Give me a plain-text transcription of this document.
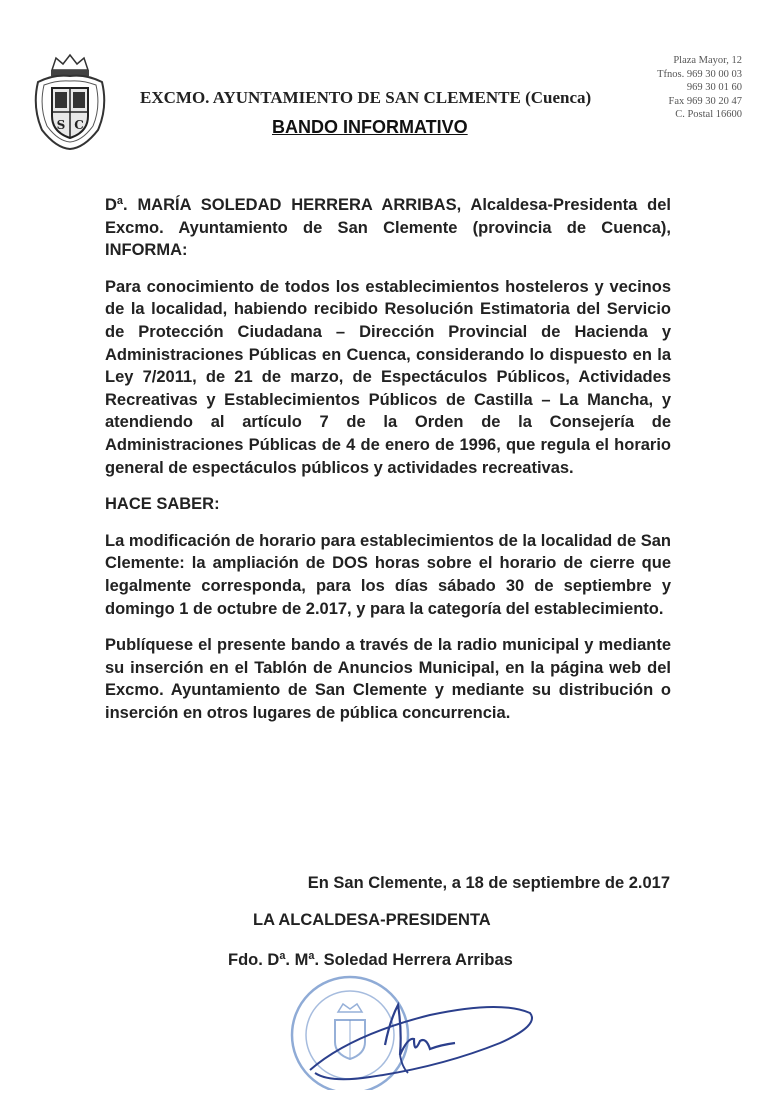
S C
EXCMO. AYUNTAMIENTO DE SAN CLEMENTE (Cuenca)
BANDO INFORMATIVO
Plaza Mayor, 12
Tfnos. 969 30 00 03
969 30 01 60
Fax 969 30 20 47
C. Postal 16600

Dª. MARÍA SOLEDAD HERRERA ARRIBAS, Alcaldesa-Presidenta del Excmo. Ayuntamiento de San Clemente (provincia de Cuenca), INFORMA:

Para conocimiento de todos los establecimientos hosteleros y vecinos de la localidad, habiendo recibido Resolución Estimatoria del Servicio de Protección Ciudadana – Dirección Provincial de Hacienda y Administraciones Públicas en Cuenca, considerando lo dispuesto en la Ley 7/2011, de 21 de marzo, de Espectáculos Públicos, Actividades Recreativas y Establecimientos Públicos de Castilla – La Mancha, y atendiendo al artículo 7 de la Orden de la Consejería de Administraciones Públicas de 4 de enero de 1996, que regula el horario general de espectáculos públicos y actividades recreativas.

HACE SABER:

La modificación de horario para establecimientos de la localidad de San Clemente: la ampliación de DOS horas sobre el horario de cierre que legalmente corresponda, para los días sábado 30 de septiembre y domingo 1 de octubre de 2.017, y para la categoría del establecimiento.

Publíquese el presente bando a través de la radio municipal y mediante su inserción en el Tablón de Anuncios Municipal, en la página web del Excmo. Ayuntamiento de San Clemente y mediante su distribución o inserción en otros lugares de pública concurrencia.

En San Clemente, a 18 de septiembre de 2.017
LA ALCALDESA-PRESIDENTA
Fdo. Dª. Mª. Soledad Herrera Arribas
